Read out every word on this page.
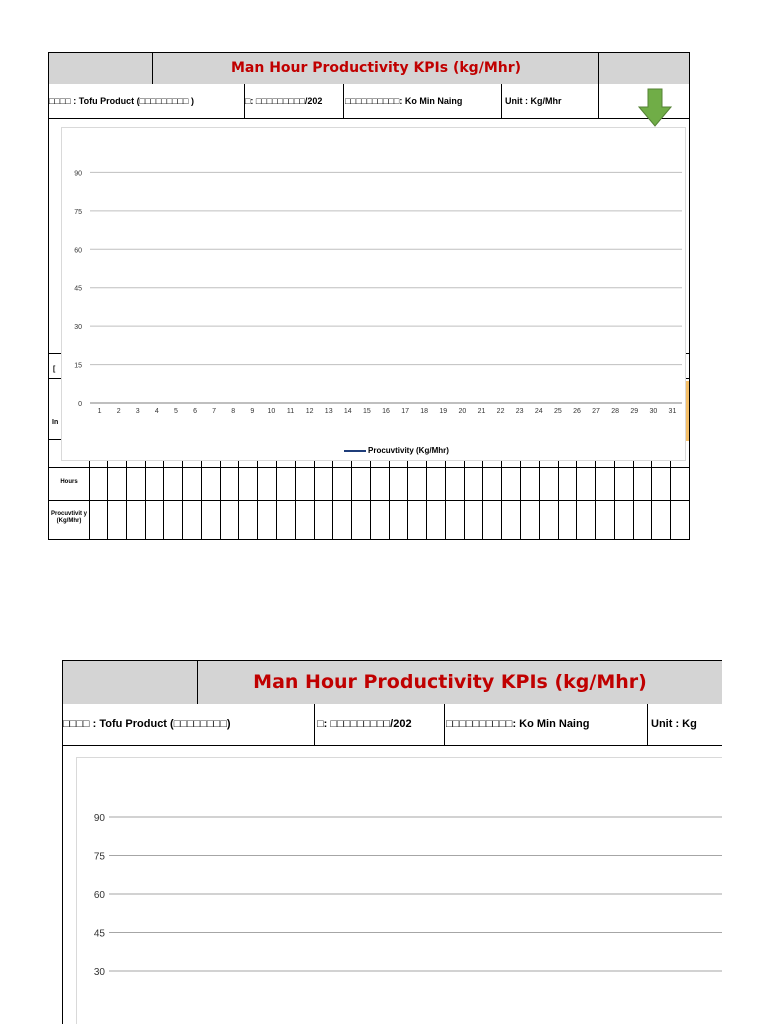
Man Hour Productivity KPIs (kg/Mhr)
□□□□ : Tofu Product (□□□□□□□□□ )	□: □□□□□□□□□/202	□□□□□□□□□□: Ko Min Naing	Unit : Kg/Mhr
Hours
Procuvtivit y (Kg/Mhr)
[
In
0
15
30
45
60
75
90
1 2 3 4 5 6 7 8 9 10 11 12 13 14 15 16 17 18 19 20 21 22 23 24 25 26 27 28 29 30 31
Procuvtivity (Kg/Mhr)
Man Hour Productivity KPIs (kg/Mhr)
□□□□ : Tofu Product (□□□□□□□□)	□: □□□□□□□□□/202	□□□□□□□□□□: Ko Min Naing	Unit : Kg
30
45
60
75
90
